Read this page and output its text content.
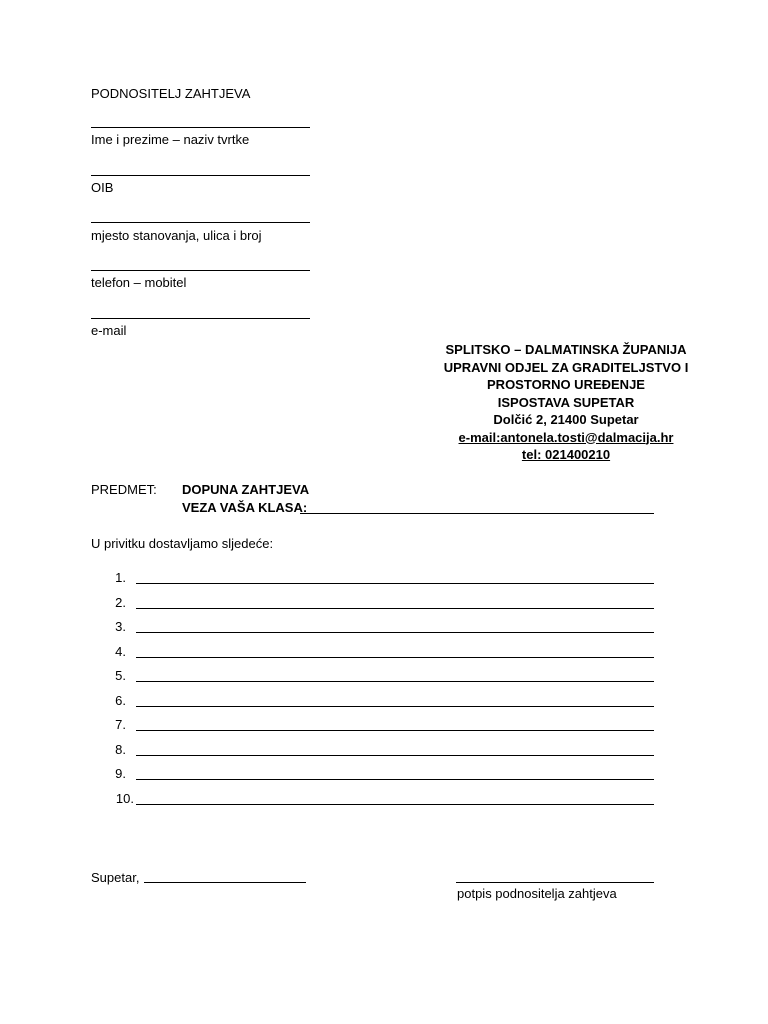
PODNOSITELJ ZAHTJEVA
Ime i prezime – naziv tvrtke
OIB
mjesto stanovanja, ulica i broj
telefon – mobitel
e-mail
SPLITSKO – DALMATINSKA ŽUPANIJA
UPRAVNI ODJEL ZA GRADITELJSTVO I
PROSTORNO UREĐENJE
ISPOSTAVA SUPETAR
Dolčić 2, 21400 Supetar
e-mail:antonela.tosti@dalmacija.hr
tel: 021400210
PREDMET: DOPUNA ZAHTJEVA
VEZA VAŠA KLASA:
U privitku dostavljamo sljedeće:
1.
2.
3.
4.
5.
6.
7.
8.
9.
10.
Supetar,
potpis podnositelja zahtjeva
